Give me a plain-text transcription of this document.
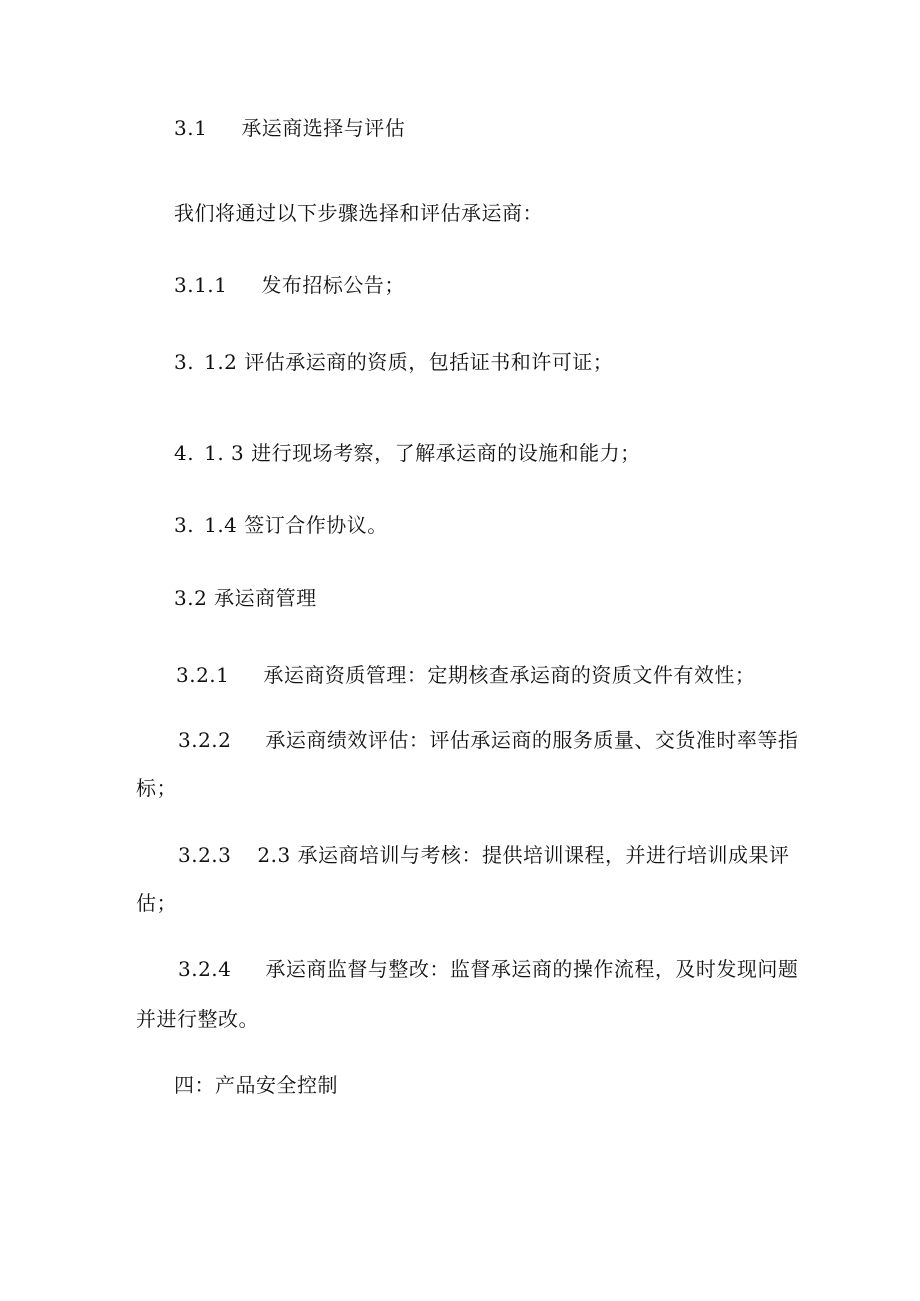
3.1 承运商选择与评估

我们将通过以下步骤选择和评估承运商：

3.1.1 发布招标公告；

3. 1.2 评估承运商的资质，包括证书和许可证；

4. 1. 3 进行现场考察，了解承运商的设施和能力；

3. 1.4 签订合作协议。

3.2 承运商管理

3.2.1 承运商资质管理：定期核查承运商的资质文件有效性；

3.2.2 承运商绩效评估：评估承运商的服务质量、交货准时率等指

标；

3.2.3 2.3 承运商培训与考核：提供培训课程，并进行培训成果评

估；

3.2.4 承运商监督与整改：监督承运商的操作流程，及时发现问题

并进行整改。

四：产品安全控制
